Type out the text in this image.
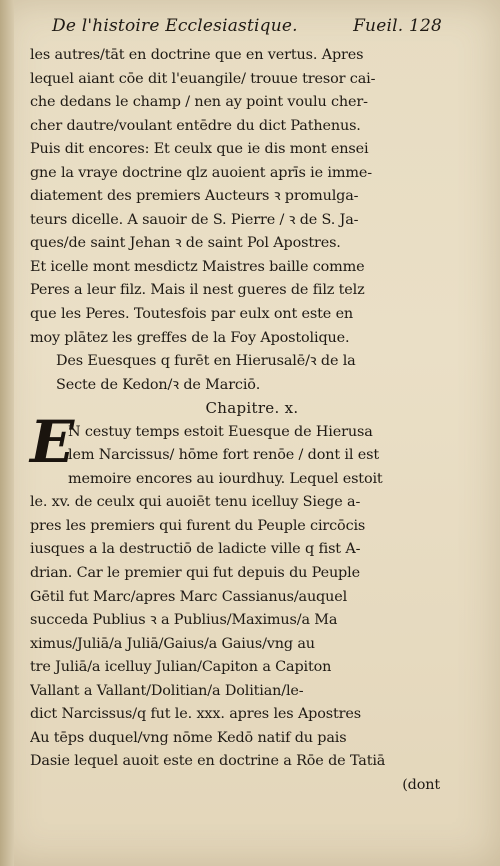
De l'histoire Ecclesiastique.	Fueil. 128
E
les autres/tāt en doctrine que en vertus. Apres
lequel aiant cōe dit l'euangile/ trouue tresor cai-
che dedans le champ / nen ay point voulu cher-
cher dautre/voulant entēdre du dict Pathenus.
Puis dit encores: Et ceulx que ie dis mont ensei
gne la vraye doctrine qlz auoient aprīs ie imme-
diatement des premiers Aucteurs ꝛ promulga-
teurs dicelle. A sauoir de S. Pierre / ꝛ de S. Ja-
ques/de saint Jehan ꝛ de saint Pol Apostres.
Et icelle mont mesdictz Maistres baille comme
Peres a leur filz. Mais il nest gueres de filz telz
que les Peres. Toutesfois par eulx ont este en
moy plātez les greffes de la Foy Apostolique.
Des Euesques q furēt en Hierusalē/ꝛ de la
Secte de Kedon/ꝛ de Marciō.
Chapitre. x.
N cestuy temps estoit Euesque de Hierusa
lem Narcissus/ hōme fort renōe / dont il est
memoire encores au iourdhuy. Lequel estoit
le. xv. de ceulx qui auoiēt tenu icelluy Siege a-
pres les premiers qui furent du Peuple circōcis
iusques a la destructiō de ladicte ville q fist A-
drian. Car le premier qui fut depuis du Peuple
Gētil fut Marc/apres Marc Cassianus/auquel
succeda Publius ꝛ a Publius/Maximus/a Ma
ximus/Juliā/a Juliā/Gaius/a Gaius/vng au
tre Juliā/a icelluy Julian/Capiton a Capiton
Vallant a Vallant/Dolitian/a Dolitian/le-
dict Narcissus/q fut le. xxx. apres les Apostres
Au tēps duquel/vng nōme Kedō natif du pais
Dasie lequel auoit este en doctrine a Rōe de Tatiā
(dont
